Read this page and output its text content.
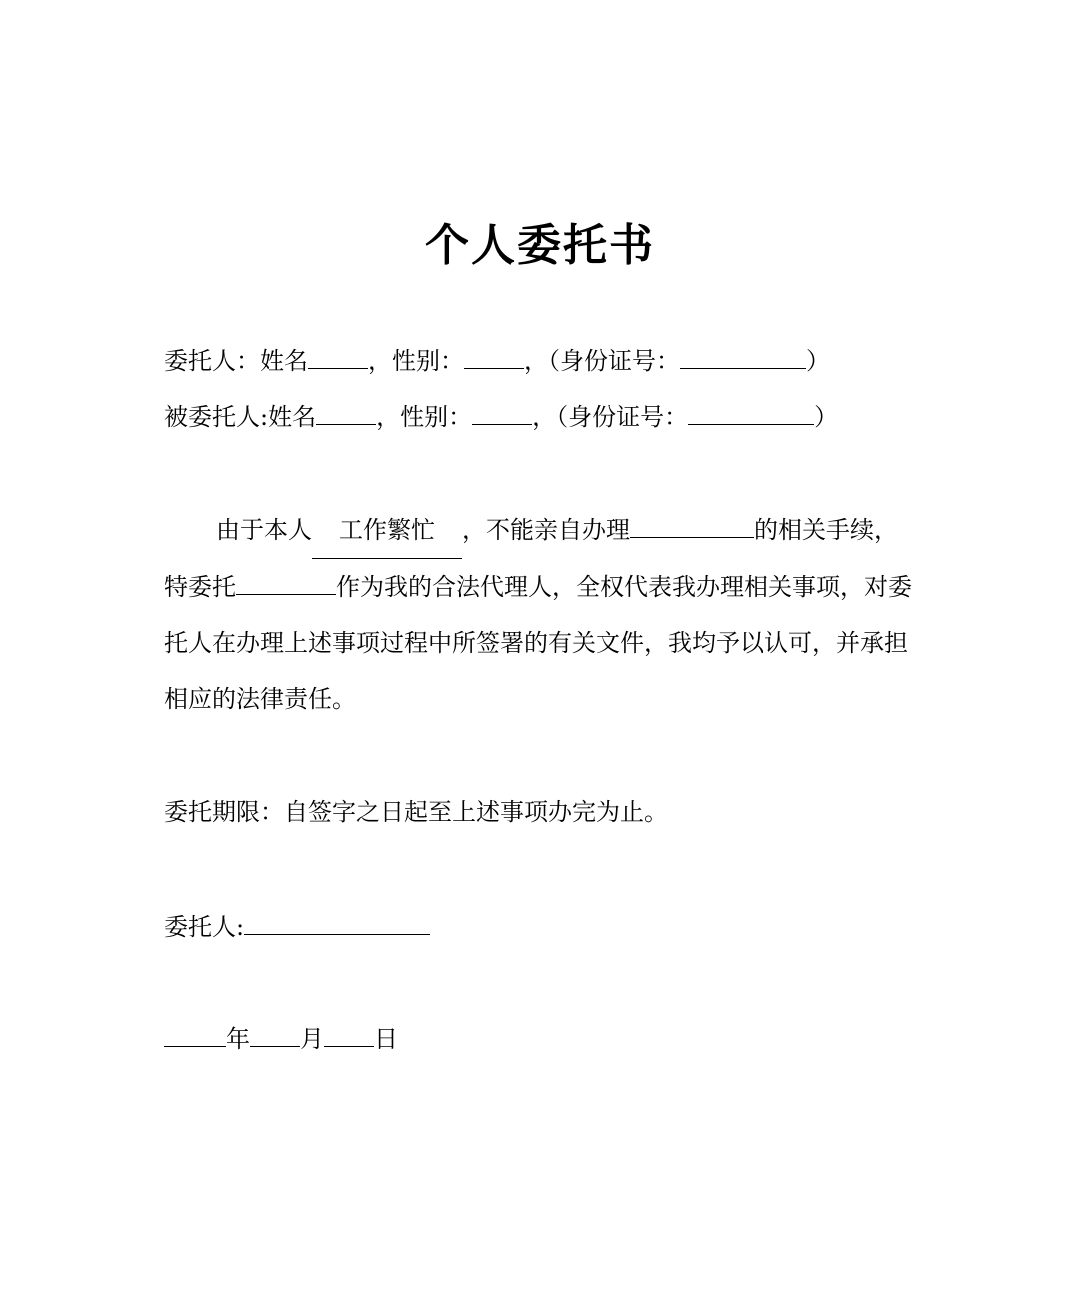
个人委托书
委托人：姓名	，性别：	，（身份证号：	）
被委托人:姓名	，性别：	，（身份证号：	）
由于本人 工作繁忙 ，不能亲自办理	的相关手续，特委托	作为我的合法代理人，全权代表我办理相关事项，对委托人在办理上述事项过程中所签署的有关文件，我均予以认可，并承担相应的法律责任。
委托期限：自签字之日起至上述事项办完为止。
委托人:
年 月 日
